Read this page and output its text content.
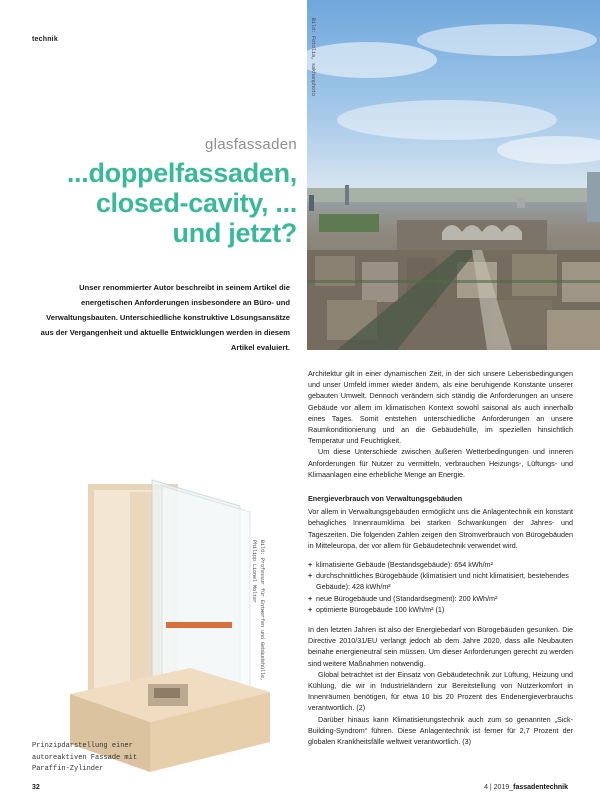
technik	Bild: Fotolia, sakhanphoto
glasfassaden
...doppelfassaden,
closed-cavity, ...
und jetzt?
Unser renommierter Autor beschreibt in seinem Artikel die energetischen Anforderungen insbesondere an Büro- und Verwaltungsbauten. Unterschiedliche konstruktive Lösungsansätze aus der Vergangenheit und aktuelle Entwicklungen werden in diesem Artikel evaluiert.

Architektur gilt in einer dynamischen Zeit, in der sich unsere Lebensbedingungen und unser Umfeld immer wieder ändern, als eine beruhigende Konstante unserer gebauten Umwelt. Dennoch verändern sich ständig die Anforderungen an unsere Gebäude vor allem im klimatischen Kontext sowohl saisonal als auch innerhalb eines Tages. Somit entstehen unterschiedliche Anforderungen an unsere Raumkonditionierung und an die Gebäudehülle, im speziellen hinsichtlich Temperatur und Feuchtigkeit.

Um diese Unterschiede zwischen äußeren Wetterbedingungen und inneren Anforderungen für Nutzer zu vermitteln, verbrauchen Heizungs-, Lüftungs- und Klimaanlagen eine erhebliche Menge an Energie.

Energieverbrauch von Verwaltungsgebäuden

Vor allem in Verwaltungsgebäuden ermöglicht uns die Anlagentechnik ein konstant behagliches Innenraumklima bei starken Schwankungen der Jahres- und Tageszeiten. Die folgenden Zahlen zeigen den Stromverbrauch von Bürogebäuden in Mitteleuropa, der vor allem für Gebäudetechnik verwendet wird.

+ klimatisierte Gebäude (Bestandsgebäude): 654 kWh/m²
+ durchschnittliches Bürogebäude (klimatisiert und nicht klimatisiert, bestehendes Gebäude): 428 kWh/m²
+ neue Bürogebäude und (Standardsegment): 200 kWh/m²
+ optimierte Bürogebäude 100 kWh/m² (1)

In den letzten Jahren ist also der Energiebedarf von Bürogebäuden gesunken. Die Directive 2010/31/EU verlangt jedoch ab dem Jahre 2020, dass alle Neubauten beinahe energieneutral sein müssen. Um dieser Anforderungen gerecht zu werden sind weitere Maßnahmen notwendig.

Global betrachtet ist der Einsatz von Gebäudetechnik zur Lüftung, Heizung und Kühlung, die wir in Industrieländern zur Bereitstellung von Nutzerkomfort in Innenräumen benötigen, für etwa 10 bis 20 Prozent des Endenergieverbrauchs verantwortlich. (2)

Darüber hinaus kann Klimatisierungstechnik auch zum so genannten „Sick-Building-Syndrom“ führen. Diese Anlagentechnik ist ferner für 2,7 Prozent der globalen Krankheitsfälle weltweit verantwortlich. (3)

Bild: Professur für Entwerfen und Gebäudehülle,
Philipp Lionel Molter
Prinzipdarstellung einer autoreaktiven Fassade mit Paraffin-Zylinder
32	4 | 2019_fassadentechnik
